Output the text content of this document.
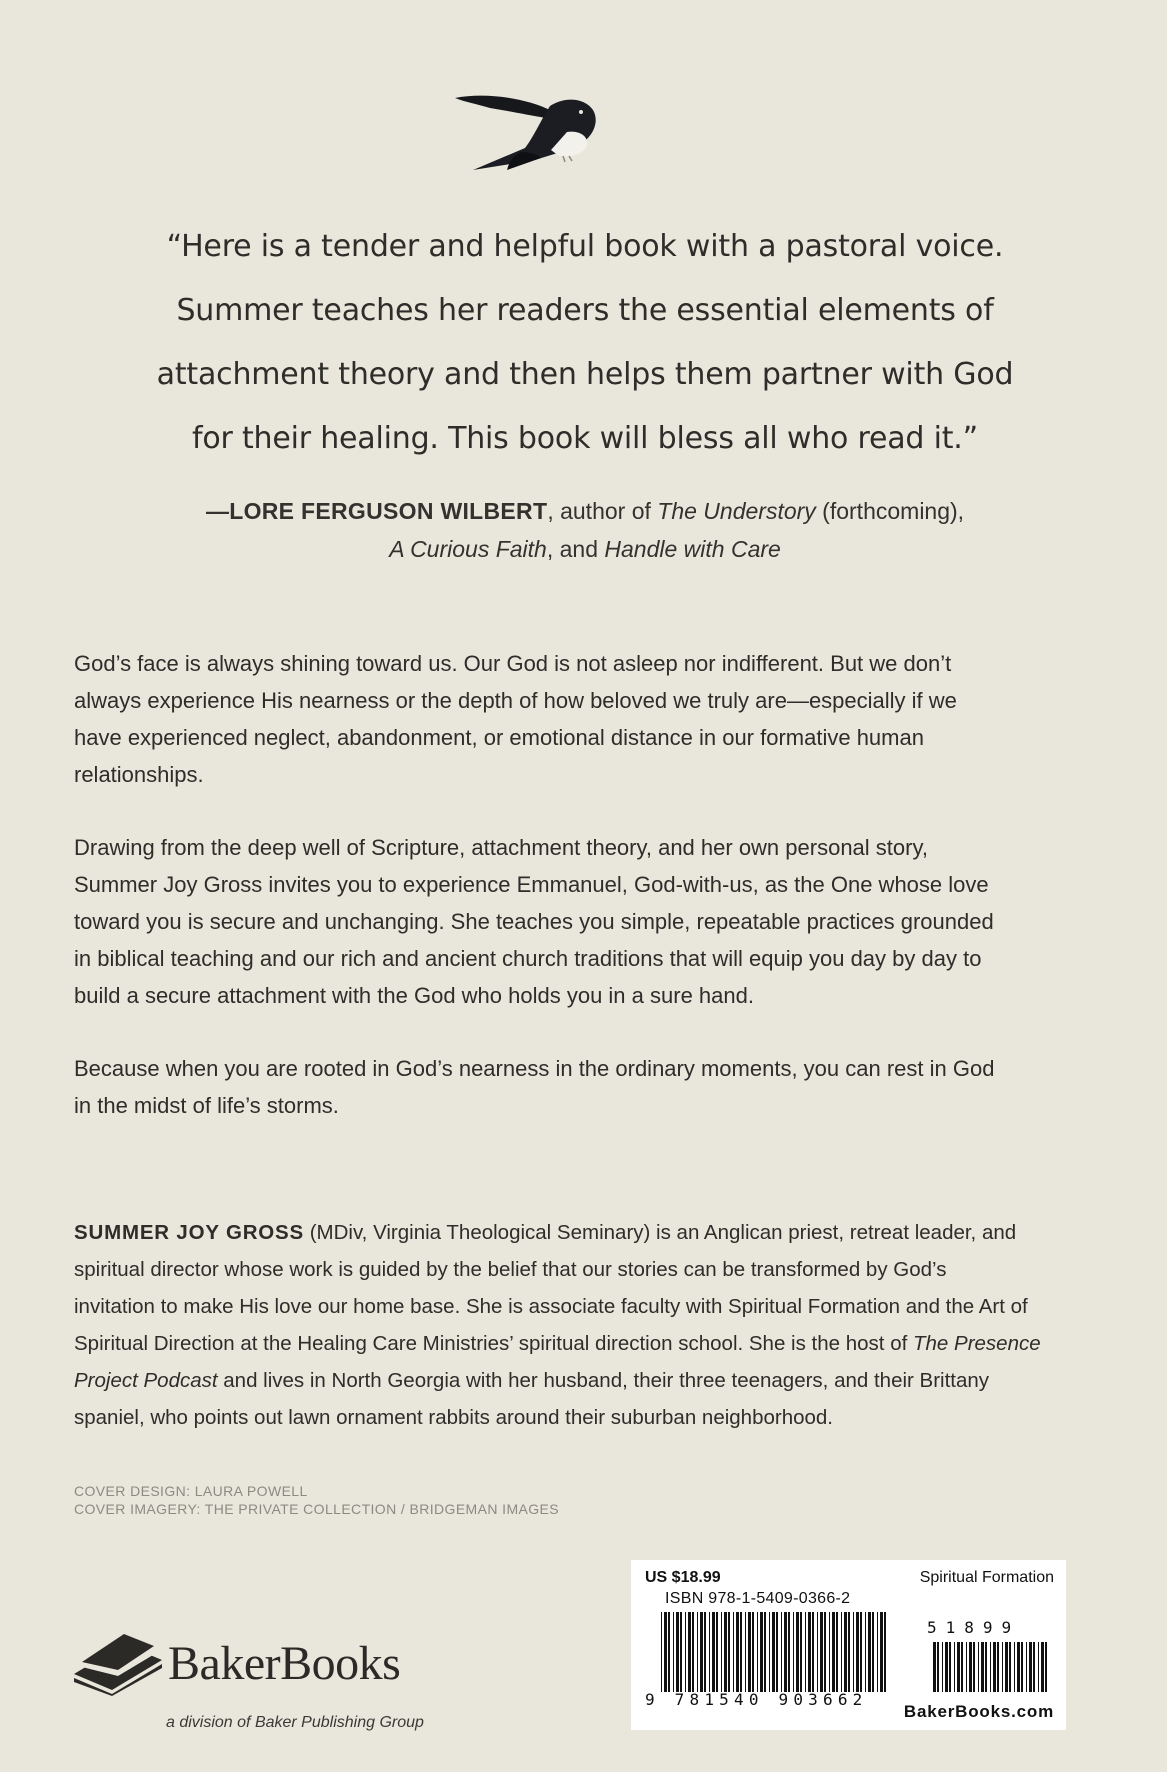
“Here is a tender and helpful book with a pastoral voice.
Summer teaches her readers the essential elements of
attachment theory and then helps them partner with God
for their healing. This book will bless all who read it.”
—LORE FERGUSON WILBERT, author of The Understory (forthcoming),
A Curious Faith, and Handle with Care

God’s face is always shining toward us. Our God is not asleep nor indifferent. But we don’t
always experience His nearness or the depth of how beloved we truly are—especially if we
have experienced neglect, abandonment, or emotional distance in our formative human
relationships.

Drawing from the deep well of Scripture, attachment theory, and her own personal story,
Summer Joy Gross invites you to experience Emmanuel, God-with-us, as the One whose love
toward you is secure and unchanging. She teaches you simple, repeatable practices grounded
in biblical teaching and our rich and ancient church traditions that will equip you day by day to
build a secure attachment with the God who holds you in a sure hand.

Because when you are rooted in God’s nearness in the ordinary moments, you can rest in God
in the midst of life’s storms.

SUMMER JOY GROSS (MDiv, Virginia Theological Seminary) is an Anglican priest, retreat leader, and
spiritual director whose work is guided by the belief that our stories can be transformed by God’s
invitation to make His love our home base. She is associate faculty with Spiritual Formation and the Art of
Spiritual Direction at the Healing Care Ministries’ spiritual direction school. She is the host of The Presence
Project Podcast and lives in North Georgia with her husband, their three teenagers, and their Brittany
spaniel, who points out lawn ornament rabbits around their suburban neighborhood.
COVER DESIGN: LAURA POWELL
COVER IMAGERY: THE PRIVATE COLLECTION / BRIDGEMAN IMAGES
BakerBooks
a division of Baker Publishing Group
US $18.99	Spiritual Formation
ISBN 978-1-5409-0366-2
9 781540 903662
51899
BakerBooks.com
